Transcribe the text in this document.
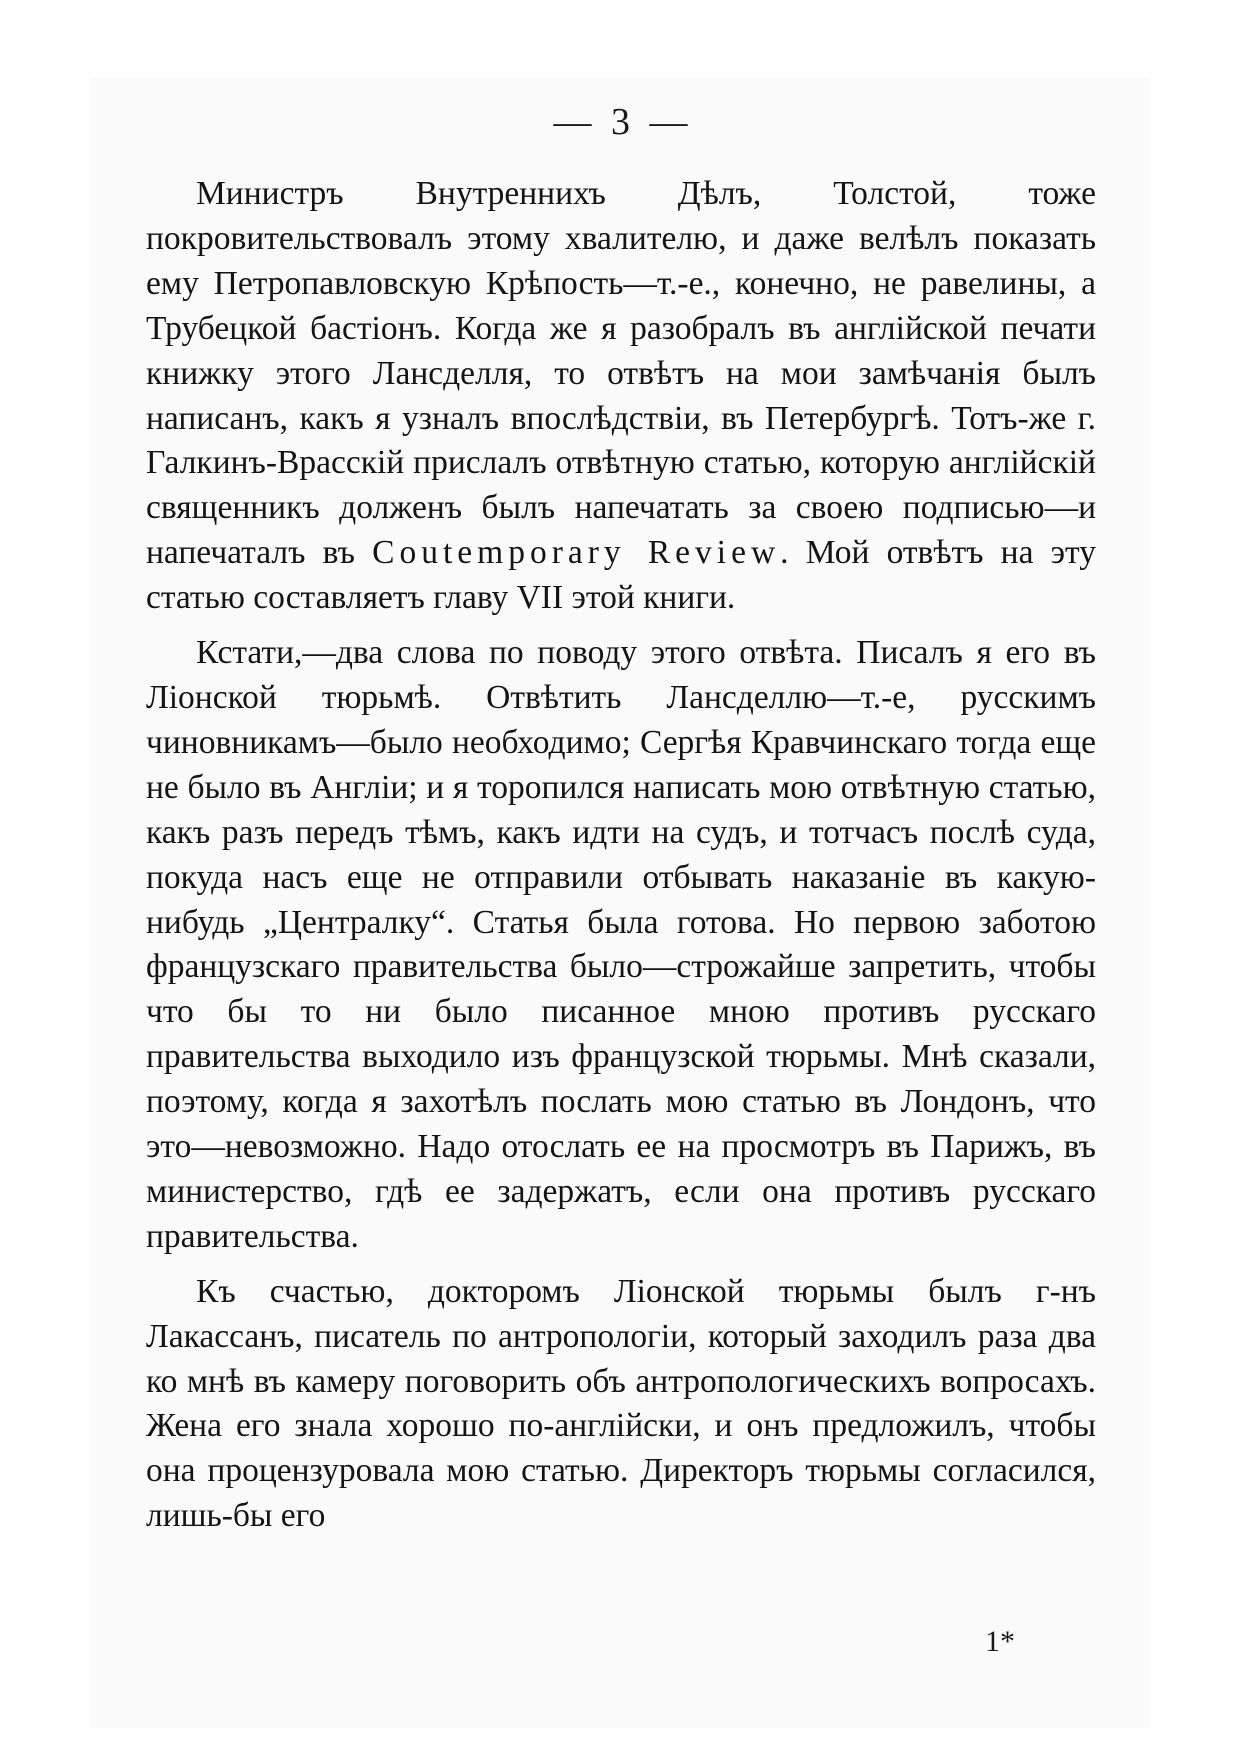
— 3 —

Министръ Внутреннихъ Дѣлъ, Толстой, тоже покровительствовалъ этому хвалителю, и даже велѣлъ показать ему Петропавловскую Крѣпость—т.-е., конечно, не равелины, а Трубецкой бастіонъ. Когда же я разобралъ въ англійской печати книжку этого Лансделля, то отвѣтъ на мои замѣчанія былъ написанъ, какъ я узналъ впослѣдствіи, въ Петербургѣ. Тотъ-же г. Галкинъ-Врасскій прислалъ отвѣтную статью, которую англійскій священникъ долженъ былъ напечатать за своею подписью—и напечаталъ въ Coutemporary Review. Мой отвѣтъ на эту статью составляетъ главу VII этой книги.

Кстати,—два слова по поводу этого отвѣта. Писалъ я его въ Ліонской тюрьмѣ. Отвѣтить Лансделлю—т.-е, русскимъ чиновникамъ—было необходимо; Сергѣя Кравчинскаго тогда еще не было въ Англіи; и я торопился написать мою отвѣтную статью, какъ разъ передъ тѣмъ, какъ идти на судъ, и тотчасъ послѣ суда, покуда насъ еще не отправили отбывать наказаніе въ какую-нибудь „Централку“. Статья была готова. Но первою заботою французскаго правительства было—строжайше запретить, чтобы что бы то ни было писанное мною противъ русскаго правительства выходило изъ французской тюрьмы. Мнѣ сказали, поэтому, когда я захотѣлъ послать мою статью въ Лондонъ, что это—невозможно. Надо отослать ее на просмотръ въ Парижъ, въ министерство, гдѣ ее задержатъ, если она противъ русскаго правительства.

Къ счастью, докторомъ Ліонской тюрьмы былъ г-нъ Лакассанъ, писатель по антропологіи, который заходилъ раза два ко мнѣ въ камеру поговорить объ антропологическихъ вопросахъ. Жена его знала хорошо по-англійски, и онъ предложилъ, чтобы она процензуровала мою статью. Директоръ тюрьмы согласился, лишь-бы его

1*
